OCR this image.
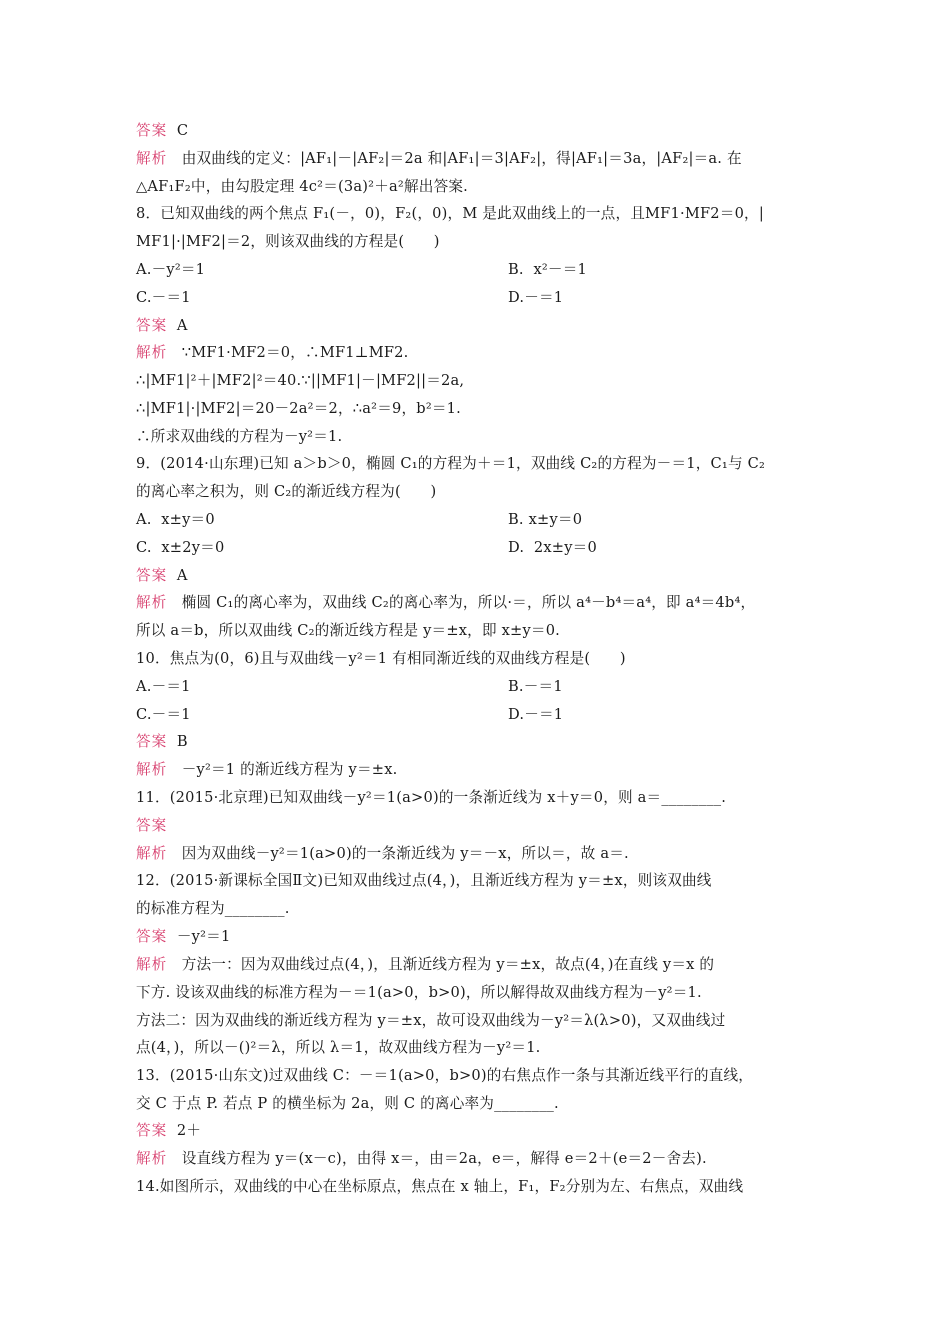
答案  C
解析   由双曲线的定义：|AF₁|－|AF₂|＝2a 和|AF₁|＝3|AF₂|，得|AF₁|＝3a，|AF₂|＝a. 在
△AF₁F₂中，由勾股定理 4c²＝(3a)²＋a²解出答案.
8．已知双曲线的两个焦点 F₁(－，0)，F₂(，0)，M 是此双曲线上的一点，且MF1·MF2＝0，|
MF1|·|MF2|＝2，则该双曲线的方程是(　　)
A.－y²＝1	B.  x²－＝1
C.－＝1	D.－＝1
答案  A
解析   ∵MF1·MF2＝0，∴MF1⊥MF2.
∴|MF1|²＋|MF2|²＝40.∵||MF1|－|MF2||＝2a,
∴|MF1|·|MF2|＝20－2a²＝2，∴a²＝9，b²＝1.
∴所求双曲线的方程为－y²＝1.
9．(2014·山东理)已知 a＞b＞0，椭圆 C₁的方程为＋＝1，双曲线 C₂的方程为－＝1，C₁与 C₂
的离心率之积为，则 C₂的渐近线方程为(　　)
A.  x±y＝0	B. x±y＝0
C.  x±2y＝0	D.  2x±y＝0
答案  A
解析   椭圆 C₁的离心率为，双曲线 C₂的离心率为，所以·＝，所以 a⁴－b⁴＝a⁴，即 a⁴＝4b⁴，
所以 a＝b，所以双曲线 C₂的渐近线方程是 y＝±x，即 x±y＝0.
10．焦点为(0，6)且与双曲线－y²＝1 有相同渐近线的双曲线方程是(　　)
A.－＝1	B.－＝1
C.－＝1	D.－＝1
答案  B
解析   －y²＝1 的渐近线方程为 y＝±x.
11．(2015·北京理)已知双曲线－y²＝1(a>0)的一条渐近线为 x＋y＝0，则 a＝________.
答案
解析   因为双曲线－y²＝1(a>0)的一条渐近线为 y＝－x，所以＝，故 a＝.
12．(2015·新课标全国Ⅱ文)已知双曲线过点(4，)，且渐近线方程为 y＝±x，则该双曲线
的标准方程为________.
答案  －y²＝1
解析   方法一：因为双曲线过点(4，)，且渐近线方程为 y＝±x，故点(4，)在直线 y＝x 的
下方. 设该双曲线的标准方程为－＝1(a>0，b>0)，所以解得故双曲线方程为－y²＝1.
方法二：因为双曲线的渐近线方程为 y＝±x，故可设双曲线为－y²＝λ(λ>0)，又双曲线过
点(4，)，所以－()²＝λ，所以 λ＝1，故双曲线方程为－y²＝1.
13．(2015·山东文)过双曲线 C：－＝1(a>0，b>0)的右焦点作一条与其渐近线平行的直线，
交 C 于点 P. 若点 P 的横坐标为 2a，则 C 的离心率为________.
答案  2＋
解析   设直线方程为 y＝(x－c)，由得 x＝，由＝2a，e＝，解得 e＝2＋(e＝2－舍去).
14.如图所示，双曲线的中心在坐标原点，焦点在 x 轴上，F₁，F₂分别为左、右焦点，双曲线
